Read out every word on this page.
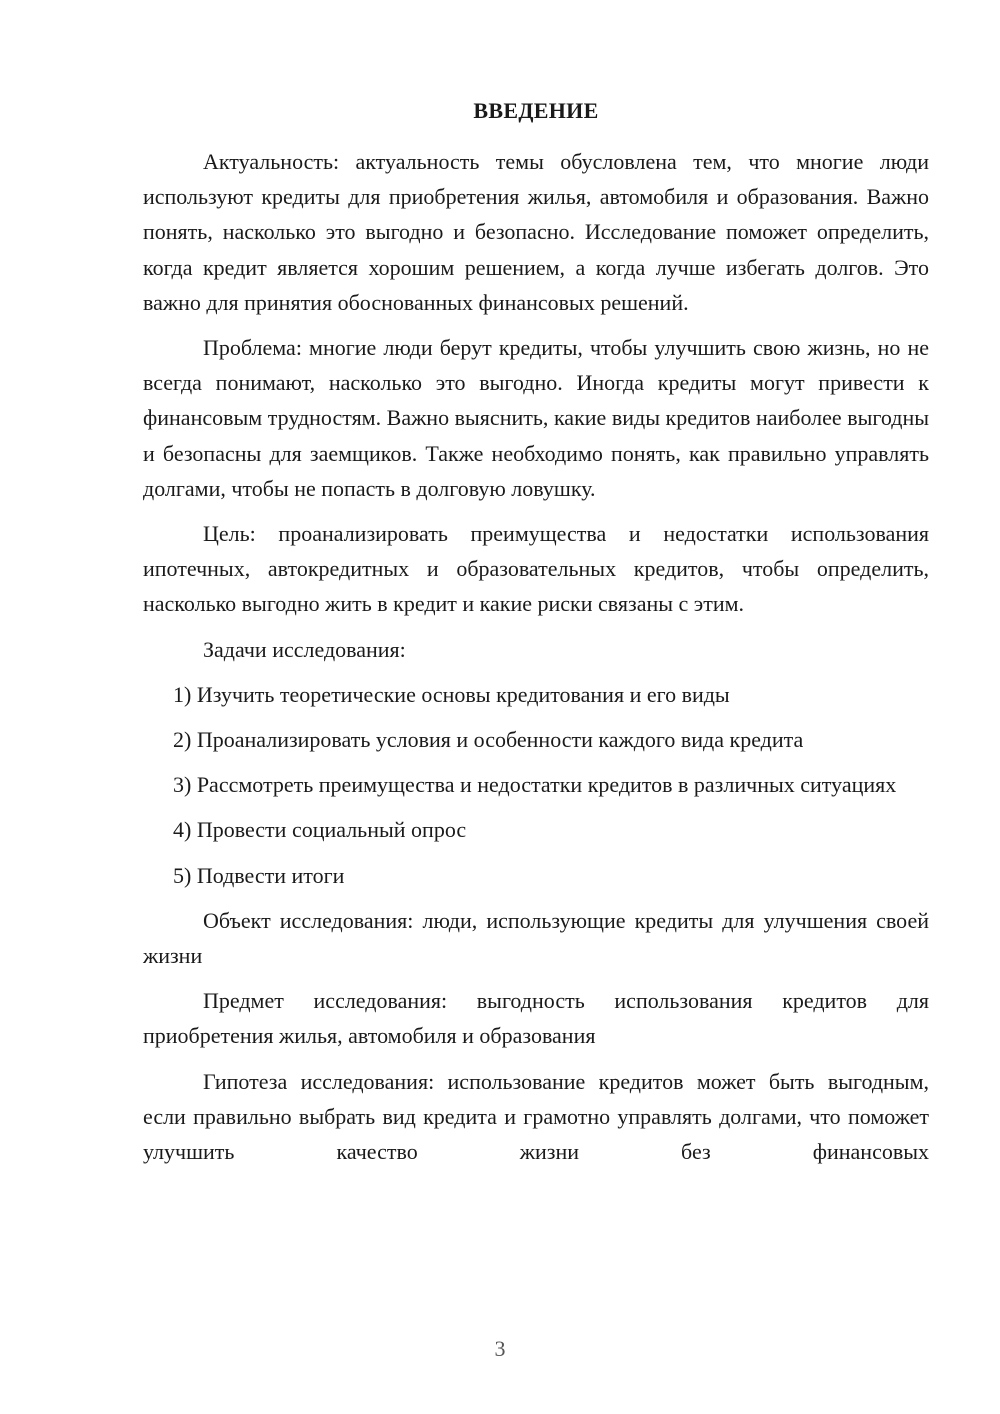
ВВЕДЕНИЕ

Актуальность: актуальность темы обусловлена тем, что многие люди используют кредиты для приобретения жилья, автомобиля и образования. Важно понять, насколько это выгодно и безопасно. Исследование поможет определить, когда кредит является хорошим решением, а когда лучше избегать долгов. Это важно для принятия обоснованных финансовых решений.

Проблема: многие люди берут кредиты, чтобы улучшить свою жизнь, но не всегда понимают, насколько это выгодно. Иногда кредиты могут привести к финансовым трудностям. Важно выяснить, какие виды кредитов наиболее выгодны и безопасны для заемщиков. Также необходимо понять, как правильно управлять долгами, чтобы не попасть в долговую ловушку.

Цель: проанализировать преимущества и недостатки использования ипотечных, автокредитных и образовательных кредитов, чтобы определить, насколько выгодно жить в кредит и какие риски связаны с этим.

Задачи исследования:

1) Изучить теоретические основы кредитования и его виды

2) Проанализировать условия и особенности каждого вида кредита

3) Рассмотреть преимущества и недостатки кредитов в различных ситуациях

4) Провести социальный опрос

5) Подвести итоги

Объект исследования: люди, использующие кредиты для улучшения своей жизни

Предмет исследования: выгодность использования кредитов для приобретения жилья, автомобиля и образования

Гипотеза исследования: использование кредитов может быть выгодным, если правильно выбрать вид кредита и грамотно управлять долгами, что поможет улучшить качество жизни без финансовых

3
